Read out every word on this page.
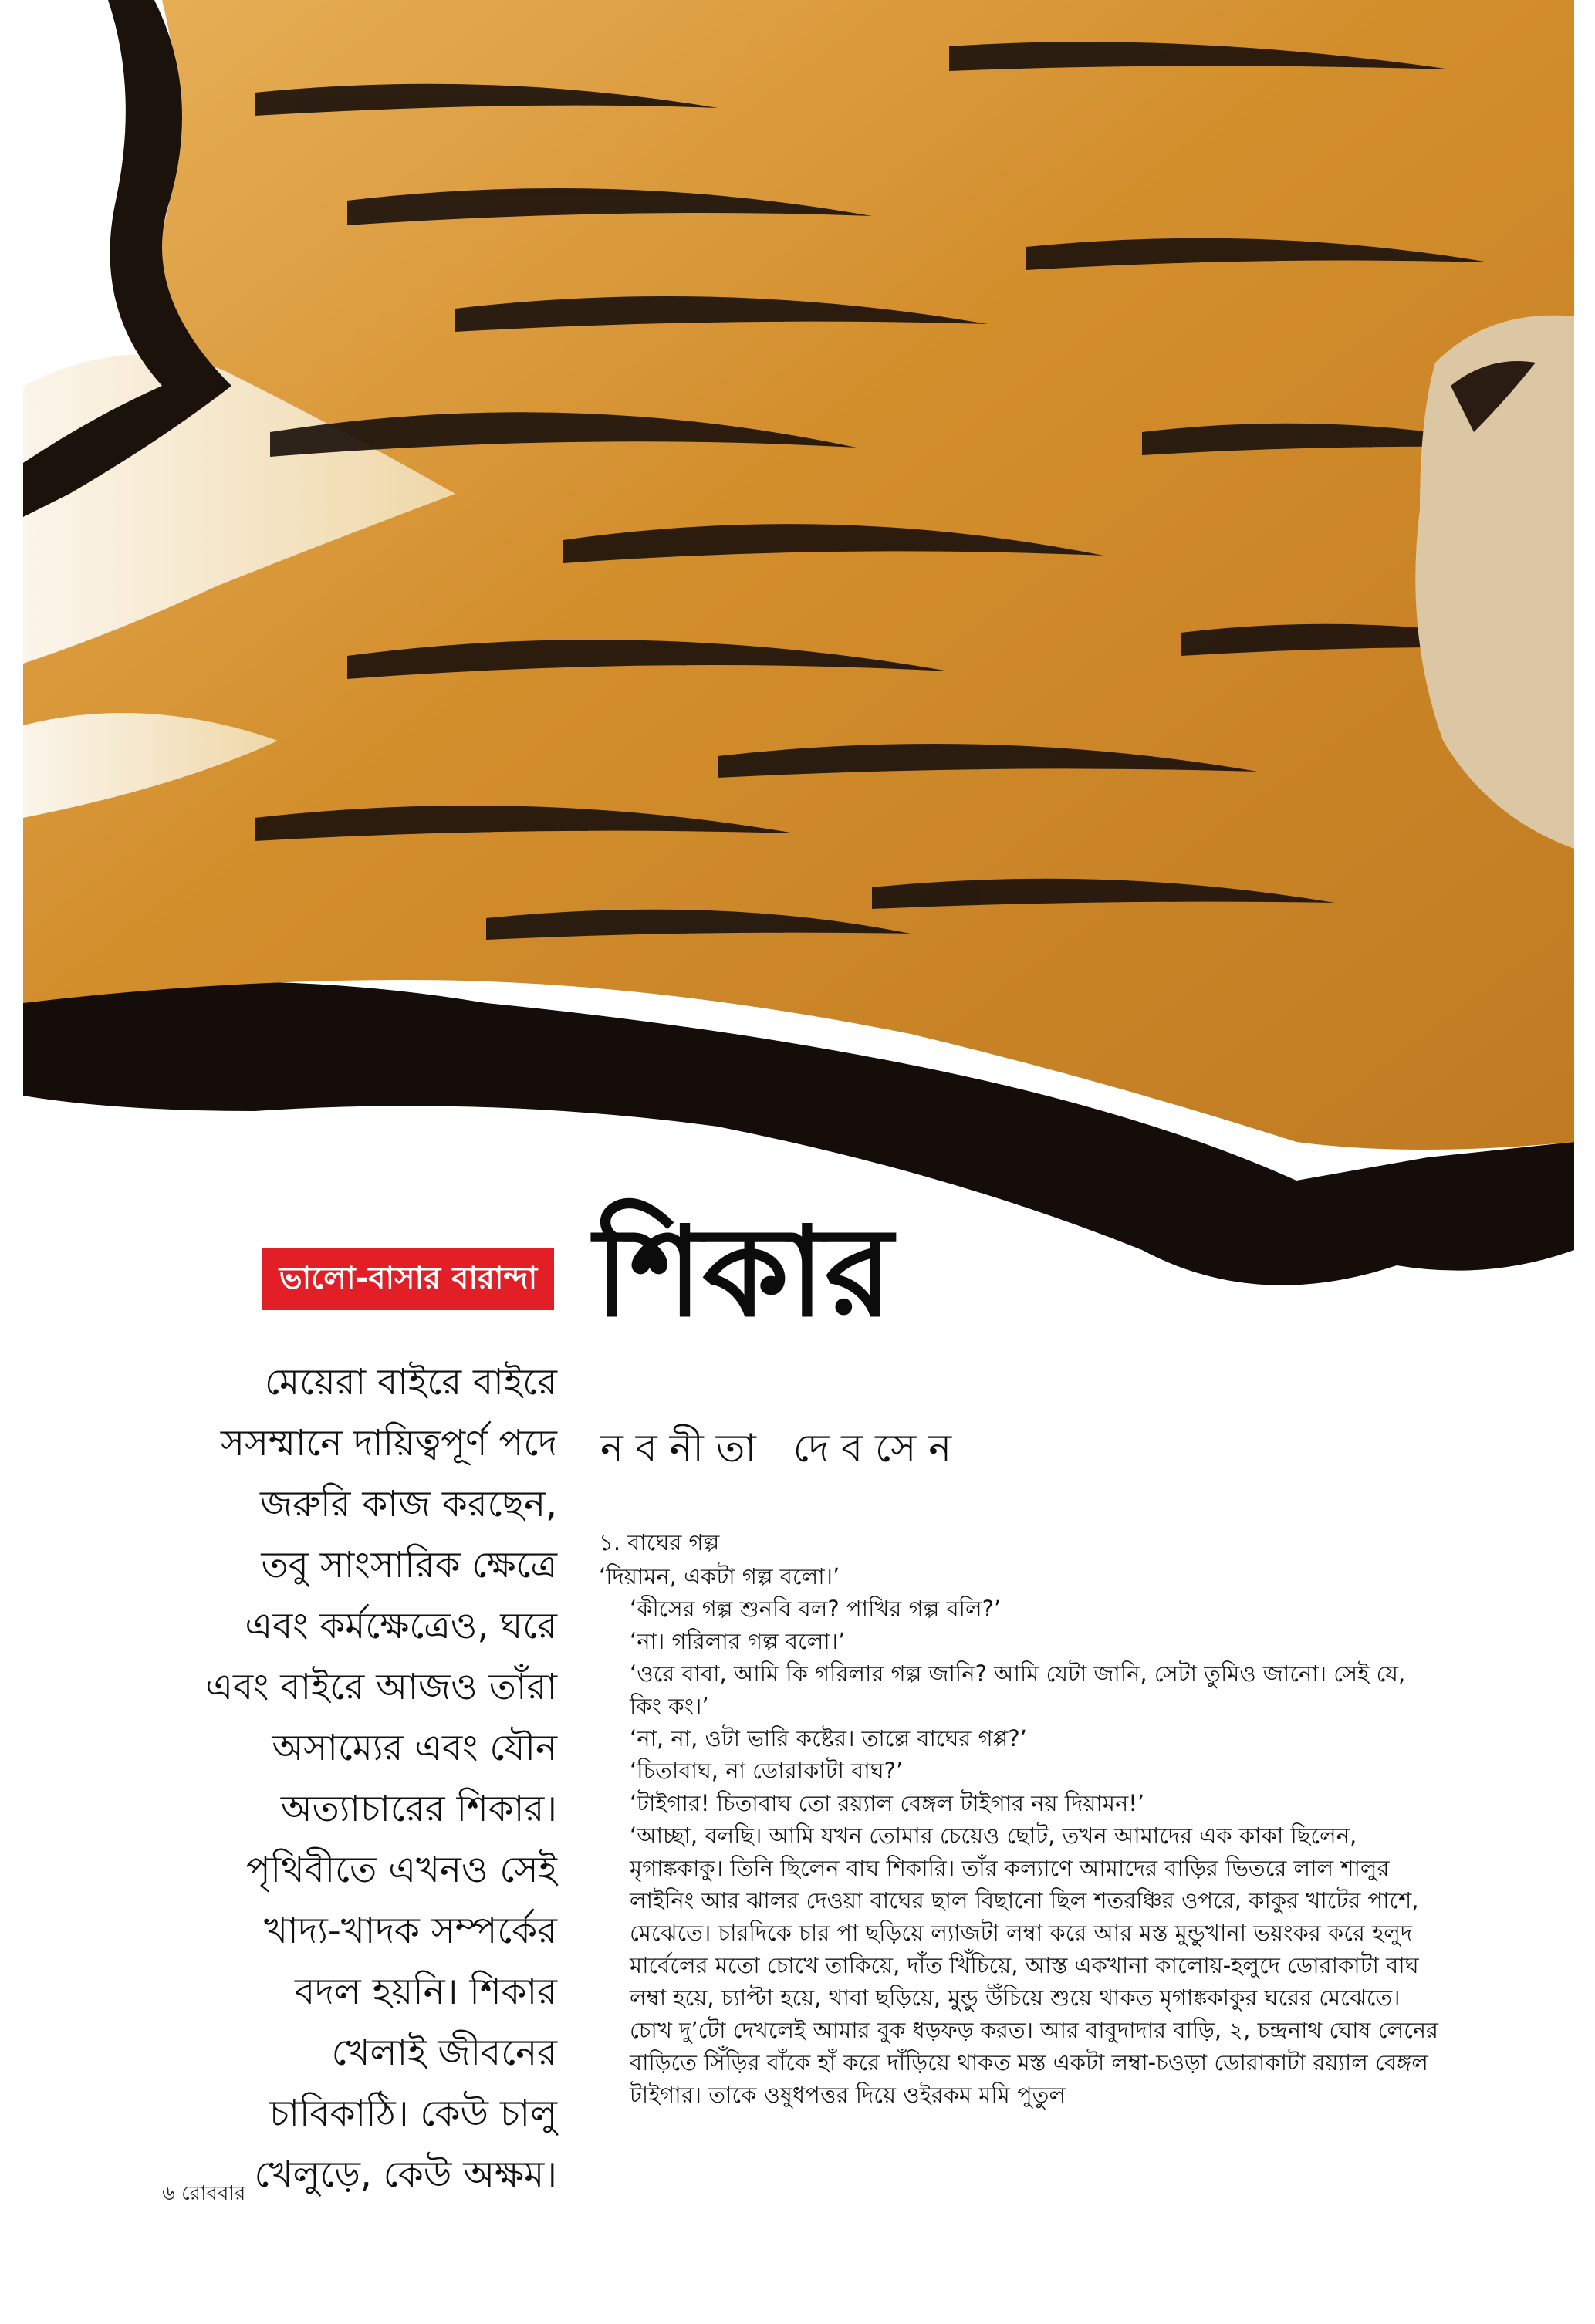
ভালো-বাসার বারান্দা শিকার
নবনীতা দেবসেন
মেয়েরা বাইরে বাইরে
সসম্মানে দায়িত্বপূর্ণ পদে
জরুরি কাজ করছেন,
তবু সাংসারিক ক্ষেত্রে
এবং কর্মক্ষেত্রেও, ঘরে
এবং বাইরে আজও তাঁরা
অসাম্যের এবং যৌন
অত্যাচারের শিকার।
পৃথিবীতে এখনও সেই
খাদ্য-খাদক সম্পর্কের
বদল হয়নি। শিকার
খেলাই জীবনের
চাবিকাঠি। কেউ চালু
খেলুড়ে, কেউ অক্ষম।

১. বাঘের গল্প

‘দিয়ামন, একটা গল্প বলো।’

‘কীসের গল্প শুনবি বল? পাখির গল্প বলি?’

‘না। গরিলার গল্প বলো।’

‘ওরে বাবা, আমি কি গরিলার গল্প জানি? আমি যেটা জানি, সেটা তুমিও জানো। সেই যে, কিং কং।’

‘না, না, ওটা ভারি কষ্টের। তাল্লে বাঘের গপ্প?’

‘চিতাবাঘ, না ডোরাকাটা বাঘ?’

‘টাইগার! চিতাবাঘ তো রয়্যাল বেঙ্গল টাইগার নয় দিয়ামন!’

‘আচ্ছা, বলছি। আমি যখন তোমার চেয়েও ছোট, তখন আমাদের এক কাকা ছিলেন, মৃগাঙ্ককাকু। তিনি ছিলেন বাঘ শিকারি। তাঁর কল্যাণে আমাদের বাড়ির ভিতরে লাল শালুর লাইনিং আর ঝালর দেওয়া বাঘের ছাল বিছানো ছিল শতরঞ্চির ওপরে, কাকুর খাটের পাশে, মেঝেতে। চারদিকে চার পা ছড়িয়ে ল্যাজটা লম্বা করে আর মস্ত মুন্ডুখানা ভয়ংকর করে হলুদ মার্বেলের মতো চোখে তাকিয়ে, দাঁত খিঁচিয়ে, আস্ত একখানা কালোয়-হলুদে ডোরাকাটা বাঘ লম্বা হয়ে, চ্যাপ্টা হয়ে, থাবা ছড়িয়ে, মুন্ডু উঁচিয়ে শুয়ে থাকত মৃগাঙ্ককাকুর ঘরের মেঝেতে। চোখ দু’টো দেখলেই আমার বুক ধড়ফড় করত। আর বাবুদাদার বাড়ি, ২, চন্দ্রনাথ ঘোষ লেনের বাড়িতে সিঁড়ির বাঁকে হাঁ করে দাঁড়িয়ে থাকত মস্ত একটা লম্বা-চওড়া ডোরাকাটা রয়্যাল বেঙ্গল টাইগার। তাকে ওষুধপত্তর দিয়ে ওইরকম মমি পুতুল

৬ রোববার
